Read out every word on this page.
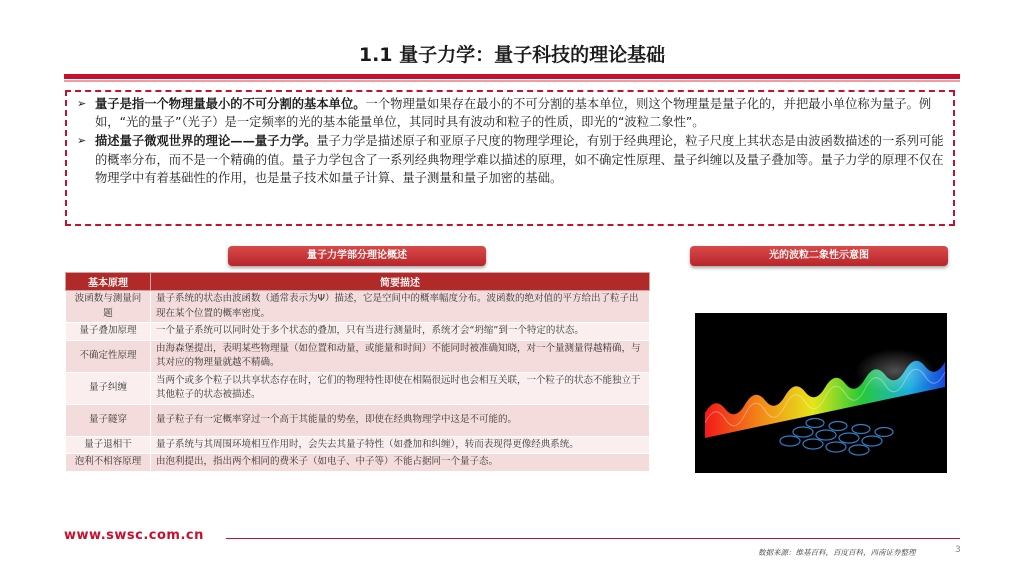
1.1 量子力学：量子科技的理论基础
➢ 量子是指一个物理量最小的不可分割的基本单位。一个物理量如果存在最小的不可分割的基本单位，则这个物理量是量子化的，并把最小单位称为量子。例如，“光的量子”（光子）是一定频率的光的基本能量单位，其同时具有波动和粒子的性质，即光的“波粒二象性”。
➢ 描述量子微观世界的理论——量子力学。量子力学是描述原子和亚原子尺度的物理学理论，有别于经典理论，粒子尺度上其状态是由波函数描述的一系列可能的概率分布，而不是一个精确的值。量子力学包含了一系列经典物理学难以描述的原理，如不确定性原理、量子纠缠以及量子叠加等。量子力学的原理不仅在物理学中有着基础性的作用，也是量子技术如量子计算、量子测量和量子加密的基础。
量子力学部分理论概述	光的波粒二象性示意图
基本原理	简要描述
波函数与测量问题	量子系统的状态由波函数（通常表示为Ψ）描述，它是空间中的概率幅度分布。波函数的绝对值的平方给出了粒子出现在某个位置的概率密度。
量子叠加原理	一个量子系统可以同时处于多个状态的叠加，只有当进行测量时，系统才会“坍缩”到一个特定的状态。
不确定性原理	由海森堡提出，表明某些物理量（如位置和动量，或能量和时间）不能同时被准确知晓，对一个量测量得越精确，与其对应的物理量就越不精确。
量子纠缠	当两个或多个粒子以共享状态存在时，它们的物理特性即使在相隔很远时也会相互关联，一个粒子的状态不能独立于其他粒子的状态被描述。
量子隧穿	量子粒子有一定概率穿过一个高于其能量的势垒，即使在经典物理学中这是不可能的。
量子退相干	量子系统与其周围环境相互作用时，会失去其量子特性（如叠加和纠缠），转而表现得更像经典系统。
泡利不相容原理	由泡利提出，指出两个相同的费米子（如电子、中子等）不能占据同一个量子态。
www.swsc.com.cn
数据来源：维基百科，百度百科，西南证券整理	3
